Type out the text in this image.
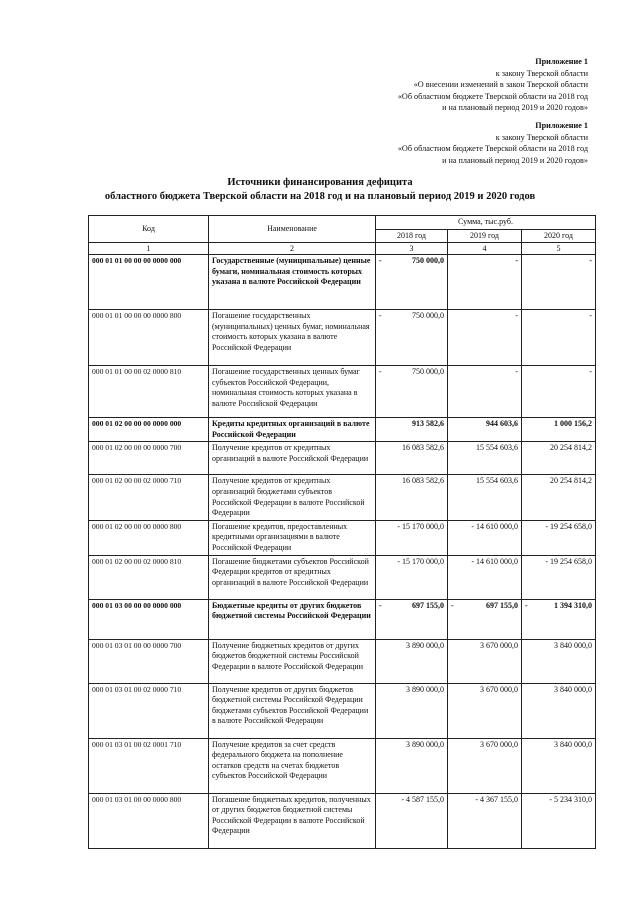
Приложение 1
к закону Тверской области
«О внесении изменений в закон Тверской области
«Об областном бюджете Тверской области на 2018 год
и на плановый период 2019 и 2020 годов»
Приложение 1
к закону Тверской области
«Об областном бюджете Тверской области на 2018 год
и на плановый период 2019 и 2020 годов»
Источники финансирования дефицита
областного бюджета Тверской области на 2018 год и на плановый период 2019 и 2020 годов
Код	Наименование	Сумма, тыс.руб.		
		2018 год	2019 год	2020 год
1	2	3	4	5
000 01 01 00 00 00 0000 000	Государственные (муниципальные) ценные бумаги, номинальная стоимость которых указана в валюте Российской Федерации	- 750 000,0	-	-
000 01 01 00 00 00 0000 800	Погашение государственных (муниципальных) ценных бумаг, номинальная стоимость которых указана в валюте Российской Федерации	- 750 000,0	-	-
000 01 01 00 00 02 0000 810	Погашение государственных ценных бумаг субъектов Российской Федерации, номинальная стоимость которых указана в валюте Российской Федерации	- 750 000,0	-	-
000 01 02 00 00 00 0000 000	Кредиты кредитных организаций в валюте Российской Федерации	913 582,6	944 603,6	1 000 156,2
000 01 02 00 00 00 0000 700	Получение кредитов от кредитных организаций в валюте Российской Федерации	16 083 582,6	15 554 603,6	20 254 814,2
000 01 02 00 00 02 0000 710	Получение кредитов от кредитных организаций бюджетами субъектов Российской Федерации в валюте Российской Федерации	16 083 582,6	15 554 603,6	20 254 814,2
000 01 02 00 00 00 0000 800	Погашение кредитов, предоставленных кредитными организациями в валюте Российской Федерации	- 15 170 000,0	- 14 610 000,0	- 19 254 658,0
000 01 02 00 00 02 0000 810	Погашение бюджетами субъектов Российской Федерации кредитов от кредитных организаций в валюте Российской Федерации	- 15 170 000,0	- 14 610 000,0	- 19 254 658,0
000 01 03 00 00 00 0000 000	Бюджетные кредиты от других бюджетов бюджетной системы Российской Федерации	- 697 155,0	- 697 155,0	- 1 394 310,0
000 01 03 01 00 00 0000 700	Получение бюджетных кредитов от других бюджетов бюджетной системы Российской Федерации в валюте Российской Федерации	3 890 000,0	3 670 000,0	3 840 000,0
000 01 03 01 00 02 0000 710	Получение кредитов от других бюджетов бюджетной системы Российской Федерации бюджетами субъектов Российской Федерации в валюте Российской Федерации	3 890 000,0	3 670 000,0	3 840 000,0
000 01 03 01 00 02 0001 710	Получение кредитов за счет средств федерального бюджета на пополнение остатков средств на счетах бюджетов субъектов Российской Федерации	3 890 000,0	3 670 000,0	3 840 000,0
000 01 03 01 00 00 0000 800	Погашение бюджетных кредитов, полученных от других бюджетов бюджетной системы Российской Федерации в валюте Российской Федерации	- 4 587 155,0	- 4 367 155,0	- 5 234 310,0
